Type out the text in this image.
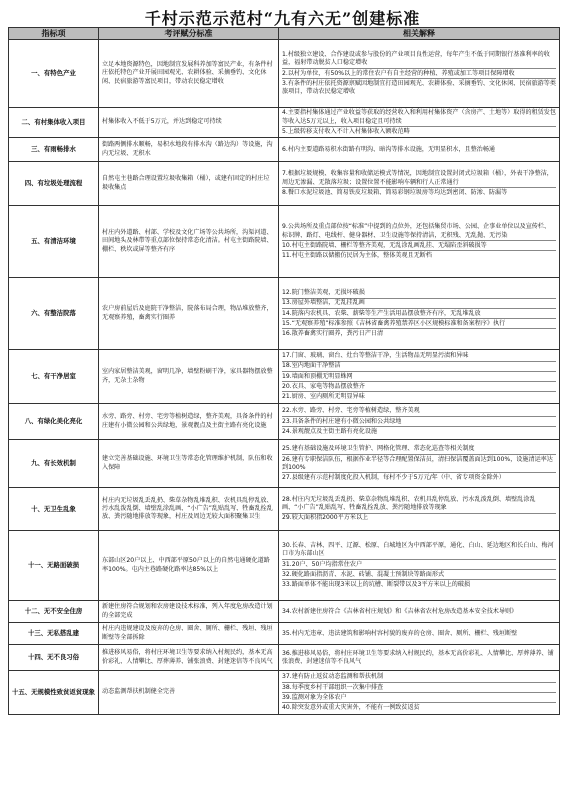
千村示范示范村“九有六无”创建标准
指标项	考评赋分标准	相关解释
一、有特色产业	立足本地资源特色，因地制宜发展科养加等富民产业，有条件村庄依托特色产业开展田园观光、农耕体验、采摘垂钓、文化休闲、民宿旅游等富民项目，带动农民稳定增收	1.村级独立建设、合作建设或参与股份的产业项目良性运营，每年产生不低于同期银行基准利率的收益，福射带动脱贫人口稳定增收
2.以村为单位，有50%以上的常住农户有自主经营的种植、养殖或加工等项目保障增收
3.有条件的村庄依托资源禀赋因地制宜打造田园观光、农耕体验、采摘垂钓、文化休闲、民宿旅游等类旅项目，带动农民稳定增收

二、有村集体收入项目	村集体收入不低于5万元，并达到稳定可持续	4.主要指村集体通过产业收益等获取的经营收入和利用村集体资产（含房产、土地等）取得的租赁发包等收入达5万元以上，收入项目稳定且可持续
5.上级转移支付收入不计入村集体收入额收范畴

三、有雨畅排水	街路两侧排水顺畅，易积水地段有排水沟（路边沟）等设施，沟内无垃圾、无积水	6.村内主要道路易积水街路有明沟、暗沟等排水设施，无明显积水，且整治畅通

四、有垃圾处理流程	自然屯主巷路合理设置垃圾收集箱（桶），或建有固定的村庄垃圾收集点	7.根据垃圾规模、收集容量和收储运模式等情况，因地制宜设置封闭式垃圾箱（桶），外表干净整洁，周边无渗漏、无散落垃圾；设置位置不能影响车辆和行人正常通行
8.餐口水泥垃圾池、简易铁皮垃圾箱、简易彩钢垃圾房等均达到密闭、防渗、防漏等

五、有清洁环境	村庄内外道路、村部、学校及文化广场等公共场所，沟渠河道、田间地头及林带等重点部位保持常态化清洁。村屯主街路院墙、棚栏、秩坎或屏等整齐有序	9.公共场所及重点部位按“标准”中提到的点位外，还包括集贸市场、公园、企事业单位以及宣传栏、标识牌、路灯、电线杆、健身器材、卫生设施等保持清洁，无积残、无乱抛、无污染
10.村屯主街路院墙、栅栏等整齐美观，无乱涂乱画乱挂、无塌陷歪斜破损等
11.村屯主街路以储搬仿民居为主体，整体美观且无断档

六、有整洁院落	农户房前屋后及庭院干净整洁，院落布局合理，物品堆放整齐，无观察养殖，畜禽实行圈养	12.院门整洁美观，无损坏破损
13.房屋外墙整洁，无乱挂乱画
14.院落内农机具、农柴、薪柴等生产生活用品摆放整齐有序，无乱堆乱放
15.“无观察养殖”标准参照《吉林省畜禽养殖禁养区小区规模标准和备案程序》执行
16.散养畜禽实行圈养，粪污日产日清

七、有干净居室	室内家居整洁美观，窗明几净，墙壁粉刷干净，家具器物摆放整齐，无杂土杂物	17.门窗、玻璃、窗台、灶台等整洁干净，生活物品无明显污渍和异味
18.室内地面干净整洁
19.墙面和顶棚无明显蛛网
20.衣具、家电等物品摆放整齐
21.厨房、室内厕所无明显异味

八、有绿化美化亮化	水旁、路旁、村旁、宅旁等植树造绿，整齐美观，具备条件的村庄建有小微公园和公共绿地，景观靓点及主街主路有亮化设施	22.水旁、路旁、村旁、宅旁等植树造绿，整齐美观
23.具备条件的村庄建有小微公园和公共绿地
24.景观靓点及主街主路有亮化设施

九、有长效机制	建立完善基础设施、环境卫生等常态化管理维护机制，队伍和收入保障	25.建有基础设施及环境卫生管护、网格化管理、常态化巡查等相关制度
26.建有专职保洁队伍，根据作业半径等合理配置保洁员，清扫保洁覆盖面达到100%，设施清运率达到100%
27.县级建有示范村制度化投入机制，每村不少于5万元/年（中、省专项资金除外）

十、无卫生乱象	村庄内无垃圾乱丢乱扔、柴草杂物乱堆乱积、农机具乱停乱放、污水乱泼乱倒、墙壁乱涂乱画、“小广告”乱贴乱写、牲畜乱拴乱放、粪污随地排放等现象，村庄及周边无较大面积聚集卫生	28.村庄内无垃圾乱丢乱扔、柴草杂物乱堆乱积、农机具乱停乱放、污水乱泼乱倒、墙壁乱涂乱画、“小广告”乱贴乱写、牲畜乱拴乱放、粪污随地排放等现象
29.较大面积指2000平方米以上

十一、无路面破损	东部山区20户以上、中西部平原50户以上的自然屯通硬化道路率100%。屯内主巷路硬化路率达85%以上	30.长春、吉林、四平、辽源、松原、白城地区为中西部平原，通化、白山、延边地区和长白山、梅河口市为东部山区
31.20户、50户均指常住农户
32.硬化路面指沥青、水泥、砖铺、混凝土预制块等路面形式
33.路面单体不能出现3米以上的坑槽、断裂带以及3平方米以上的破损

十二、无不安全住房	新建住房符合规划和农房建设技术标准，列入年度危房改造计划的全部完成	34.农村新建住房符合《吉林省村庄规划》和《吉林省农村危房改造基本安全技术导则》

十三、无私搭乱建	村庄内违规建设及废弃的仓房、圈舍、厕所、栅栏、残垣、残垣断壁等全部拆除	35.村内无违章、违法建筑和影响村容村貌的废弃的仓房、圈舍、厕所、栅栏、残垣断壁

十四、无不良习俗	推进移风易俗，将村庄环境卫生等要求纳入村规民约，基本无高价彩礼、人情攀比、厚葬薄养、铺张浪费、封建迷信等不良风气	36.推进移风易俗，将村庄环境卫生等要求纳入村规民约，基本无高价彩礼、人情攀比、厚葬薄养、铺张浪费、封建迷信等不良风气

十五、无规模性致贫返贫现象	动态监测帮扶机制健全完善	37.建有防止返贫动态监测和帮扶机制
38.每季度乡村干部组织一次集中排查
39.监测对象为全体农户
40.除突发意外或重大灾害外，不能有一例致贫返贫
